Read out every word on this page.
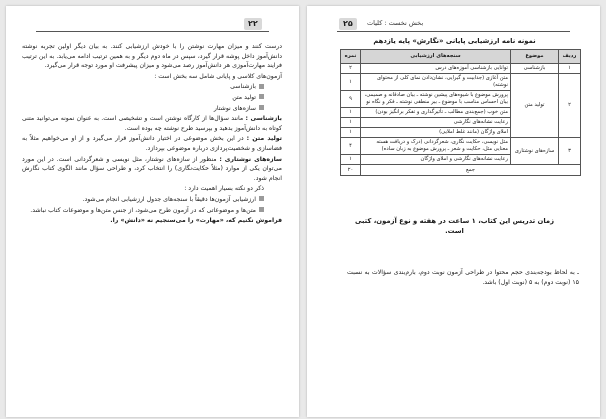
۲۲

درست کنند و میزان مهارت نوشتن را با خودش ارزشیابی کنند. به بیان دیگر اولین تجربه نوشته دانش‌آموز داخل پوشه قرار گیرد، سپس در ماه دوم دیگر و به همین ترتیب ادامه می‌یابد. به این ترتیب فرایند مهارت‌آموزی هر دانش‌آموز رصد می‌شود و میزان پیشرفت او مورد توجه قرار می‌گیرد.

آزمون‌های کلاسی و پایانی شامل سه بخش است :

بازشناسی

تولید متن

سازه‌های نوشتار

بازشناسی : مانند سؤال‌ها از کارگاه نوشتن است و تشخیصی است. به عنوان نمونه می‌توانید متنی کوتاه به دانش‌آموز بدهید و بپرسید طرح نوشته چه بوده است.

تولید متن : در این بخش موضوعی در اختیار دانش‌آموز قرار می‌گیرد و از او می‌خواهیم مثلاً به فضاسازی و شخصیت‌پردازی درباره موضوعی بپردازد.

سازه‌های نوشتاری : منظور از سازه‌های نوشتار، مثل نویسی و شعرگردانی است. در این مورد می‌توان یکی از موارد (مثلاً حکایت‌نگاری) را انتخاب کرد، و طراحی سؤال مانند الگوی کتاب نگارش انجام شود.

ذکر دو نکته بسیار اهمیت دارد :

ارزشیابی آزمون‌ها دقیقاً با سنجه‌های جدول ارزشیابی انجام می‌شود.

متن‌ها و موضوعاتی که در آزمون طرح می‌شود، از جنس متن‌ها و موضوعات کتاب نباشد.

فراموش نکنیم که، «مهارت» را می‌سنجیم نه «دانش» را.

بخش نخست : کلیات
۲۵
نمونه نامه ارزشیابی پایانی «نگارش» پایه یازدهم
ردیف	موضوع	سنجه‌های ارزشیابی	نمره
۱	بازشناسی	توانایی بازشناسی آموزه‌های درس	۲
۲	تولید متن	متن آغازی (جذابیت و گیرایی، نشان‌دادن نمای کلی از محتوای نوشته)	۱
		پرورش موضوع با شیوه‌های پیشین نوشته ـ بیان صادقانه و صمیمی، بیان احساس مناسب با موضوع ـ بیر منطقی نوشته ـ فکر و نگاه نو	۹
		متن خوب (جمع‌بندی مطالب ـ تأثیرگذاری و تفکر برانگیز بودن)	۱
		رعایت نشانه‌های نگارشی	۱
		املای واژگان (مانند غلط املایی)	۱
۳	سازه‌های نوشتاری	مثل نویسی، حکایت نگاری، شعرگردانی (درک و دریافت هسته معنایی مثل، حکایت و شعر ـ پرورش موضوع به زبان ساده)	۴
		رعایت نشانه‌های نگارشی و املای واژگان	۱
جمع			۲۰
زمان تدریس این کتاب، ۱ ساعت در هفته و نوع آزمون، کتبی است.
ـ به لحاظ بودجه‌بندی حجم محتوا در طراحی آزمون نوبت دوم، بارم‌بندی سؤالات به نسبت ۱۵ (نوبت دوم) به ۵ (نوبت اول) باشد.
